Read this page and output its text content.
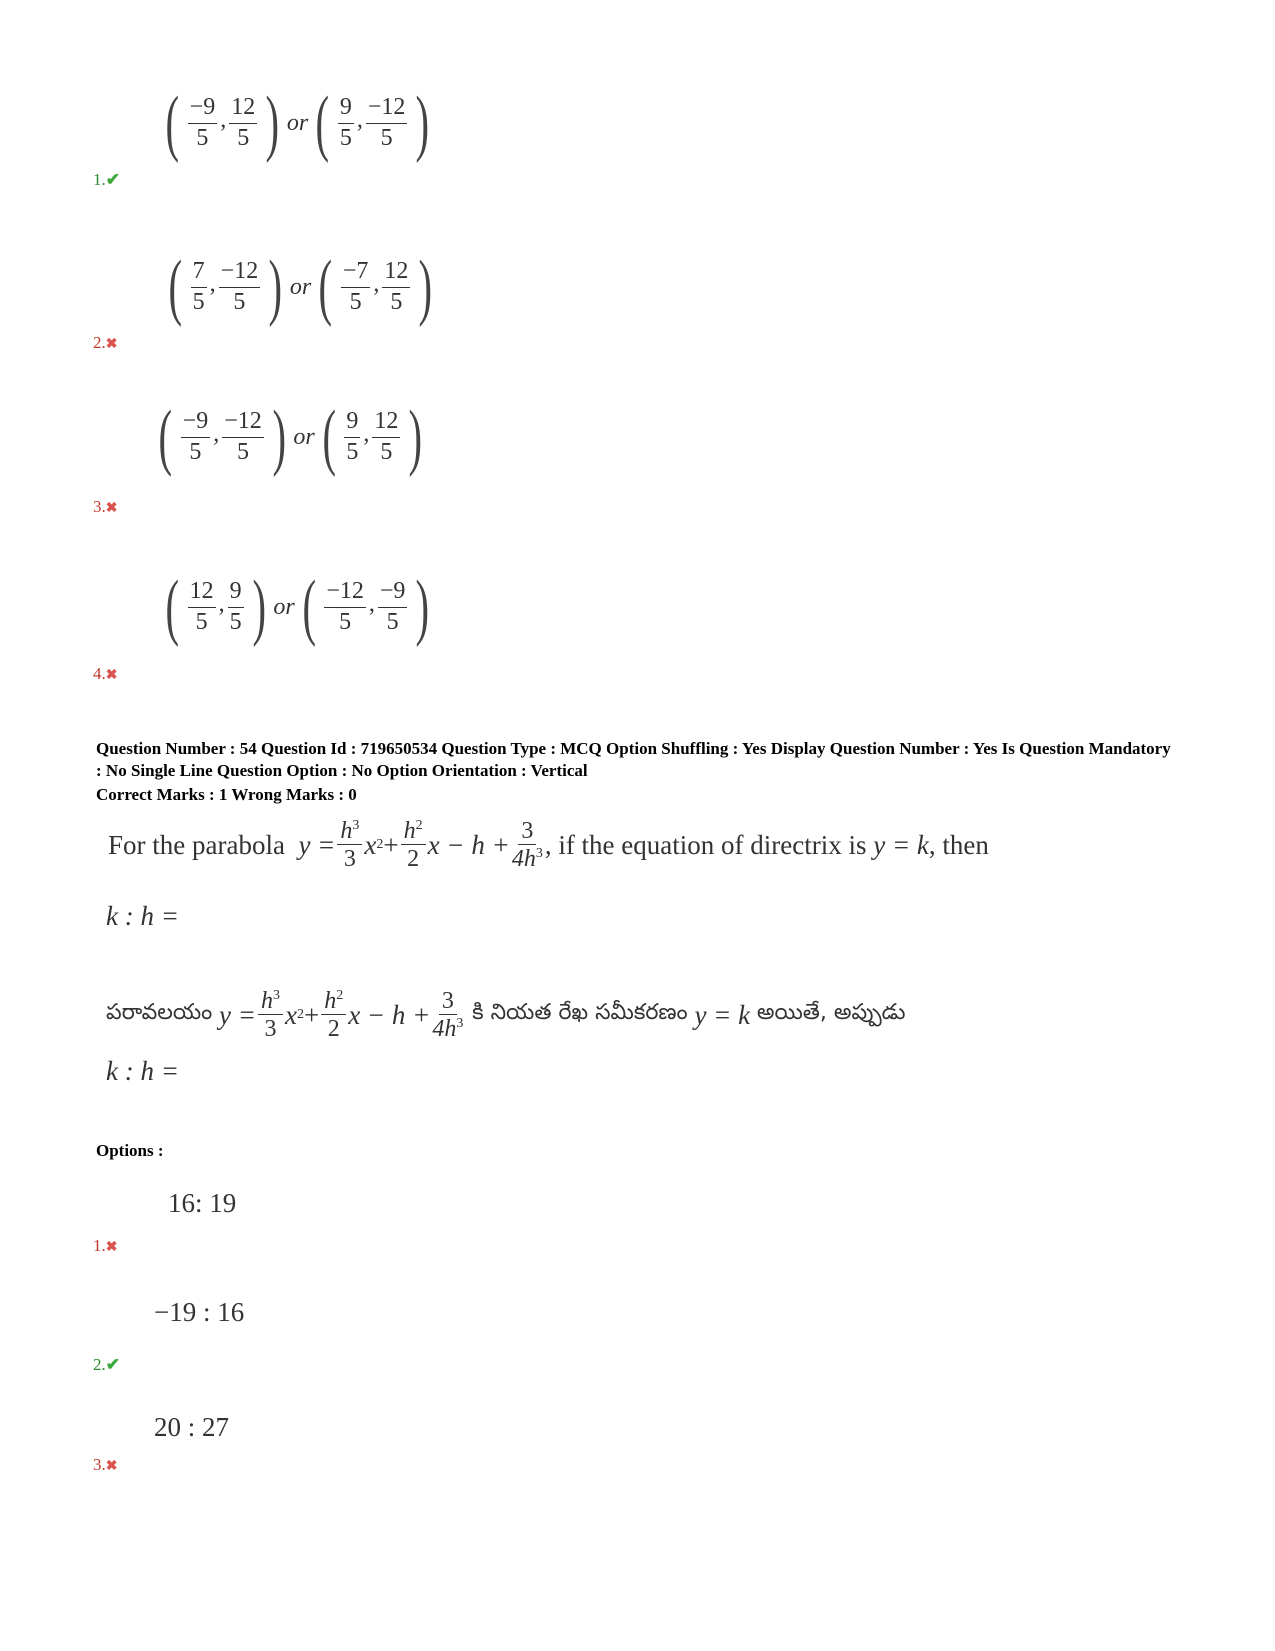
( $\frac{-9}{5}$ , $\frac{12}{5}$ ) or ( $\frac{9}{5}$ , $\frac{-12}{5}$ )
1.✔
( $\frac{7}{5}$ , $\frac{-12}{5}$ ) or ( $\frac{-7}{5}$ , $\frac{12}{5}$ )
2.✖
( $\frac{-9}{5}$ , $\frac{-12}{5}$ ) or ( $\frac{9}{5}$ , $\frac{12}{5}$ )
3.✖
( $\frac{12}{5}$ , $\frac{9}{5}$ ) or ( $\frac{-12}{5}$ , $\frac{-9}{5}$ )
4.✖
Question Number : 54 Question Id : 719650534 Question Type : MCQ Option Shuffling : Yes Display Question Number : Yes Is Question Mandatory : No Single Line Question Option : No Option Orientation : Vertical
Correct Marks : 1 Wrong Marks : 0
For the parabola
$y = \frac{h^3}{3}$ x $2 + \frac{h^2}{2}$ $x - h + \frac{3}{4h^3}$ , if the equation of directrix is
y = k , then
k : h =
పరావలయం
$y = \frac{h^3}{3}$ x $2 + \frac{h^2}{2}$ $x - h + \frac{3}{4h^3}$
కి నియత రేఖ సమీకరణం
y = k
అయితే, అప్పుడు
k : h =
Options :
16: 19
1.✖
−19 : 16
2.✔
20 : 27
3.✖
